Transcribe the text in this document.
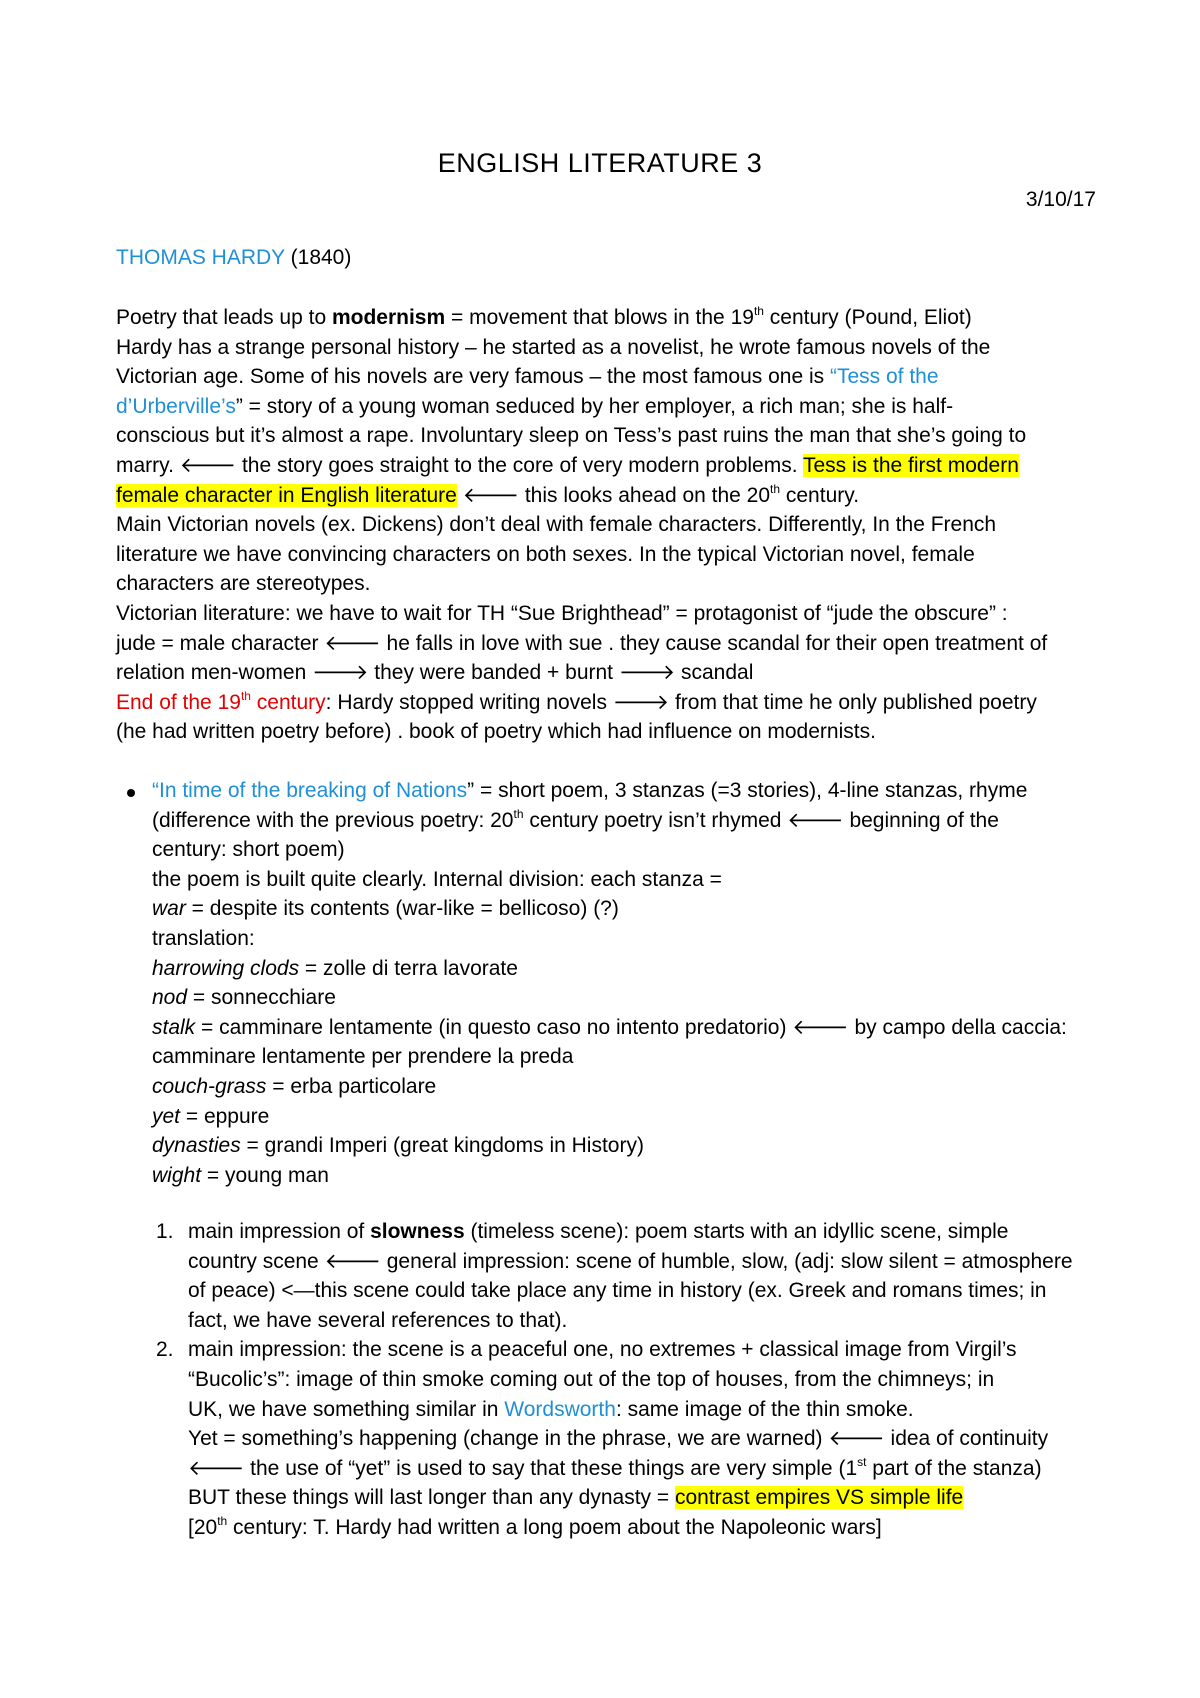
ENGLISH LITERATURE 3
3/10/17
THOMAS HARDY (1840)
Poetry that leads up to modernism = movement that blows in the 19th century (Pound, Eliot)
Hardy has a strange personal history – he started as a novelist, he wrote famous novels of the
Victorian age. Some of his novels are very famous – the most famous one is “Tess of the
d’Urberville’s” = story of a young woman seduced by her employer, a rich man; she is half-
conscious but it’s almost a rape. Involuntary sleep on Tess’s past ruins the man that she’s going to
marry. 🡐 the story goes straight to the core of very modern problems. Tess is the first modern
female character in English literature 🡐 this looks ahead on the 20th century.
Main Victorian novels (ex. Dickens) don’t deal with female characters. Differently, In the French
literature we have convincing characters on both sexes. In the typical Victorian novel, female
characters are stereotypes.
Victorian literature: we have to wait for TH “Sue Brighthead” = protagonist of “jude the obscure” :
jude = male character 🡐 he falls in love with sue . they cause scandal for their open treatment of
relation men-women 🡒 they were banded + burnt 🡒 scandal
End of the 19th century: Hardy stopped writing novels 🡒 from that time he only published poetry
(he had written poetry before) . book of poetry which had influence on modernists.
“In time of the breaking of Nations” = short poem, 3 stanzas (=3 stories), 4-line stanzas, rhyme
(difference with the previous poetry: 20th century poetry isn’t rhymed 🡐 beginning of the
century: short poem)
the poem is built quite clearly. Internal division: each stanza =
war = despite its contents (war-like = bellicoso) (?)
translation:
harrowing clods = zolle di terra lavorate
nod = sonnecchiare
stalk = camminare lentamente (in questo caso no intento predatorio) 🡐 by campo della caccia:
camminare lentamente per prendere la preda
couch-grass = erba particolare
yet = eppure
dynasties = grandi Imperi (great kingdoms in History)
wight = young man
1. main impression of slowness (timeless scene): poem starts with an idyllic scene, simple
country scene 🡐 general impression: scene of humble, slow, (adj: slow silent = atmosphere
of peace) <—this scene could take place any time in history (ex. Greek and romans times; in
fact, we have several references to that).
2. main impression: the scene is a peaceful one, no extremes + classical image from Virgil’s
“Bucolic’s”: image of thin smoke coming out of the top of houses, from the chimneys; in
UK, we have something similar in Wordsworth: same image of the thin smoke.
Yet = something’s happening (change in the phrase, we are warned) 🡐 idea of continuity
🡐 the use of “yet” is used to say that these things are very simple (1st part of the stanza)
BUT these things will last longer than any dynasty = contrast empires VS simple life
[20th century: T. Hardy had written a long poem about the Napoleonic wars]
